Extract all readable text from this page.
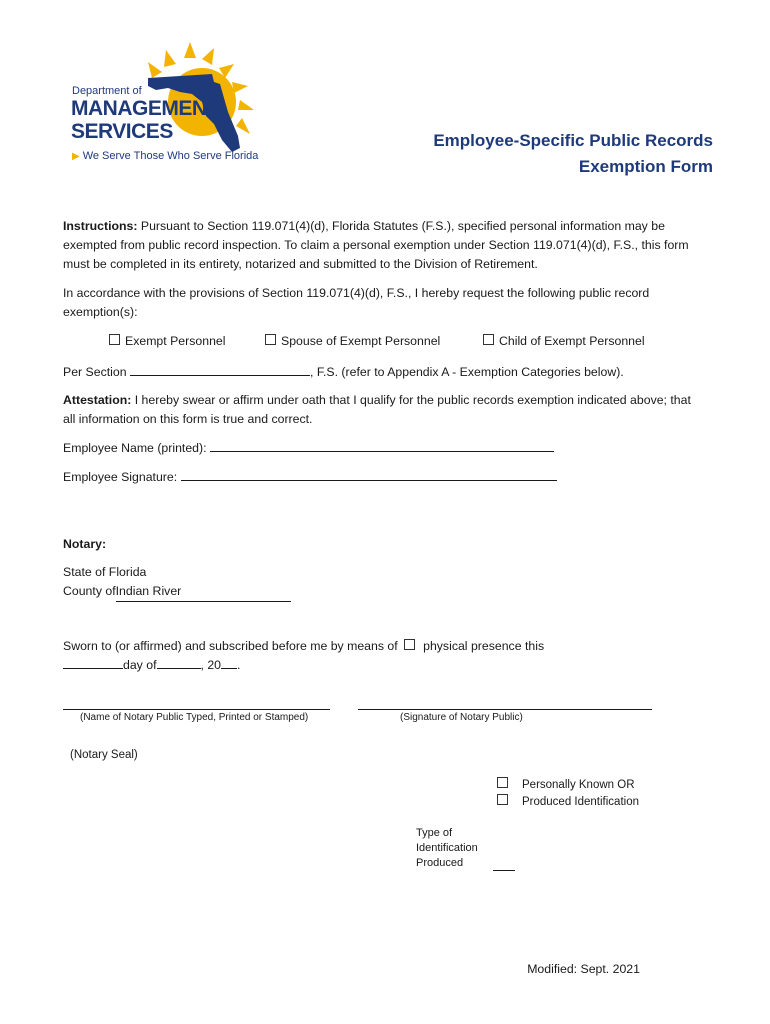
Department of
MANAGEMENT
SERVICES
▶ We Serve Those Who Serve Florida
Employee-Specific Public Records
Exemption Form
Instructions: Pursuant to Section 119.071(4)(d), Florida Statutes (F.S.), specified personal information may be exempted from public record inspection. To claim a personal exemption under Section 119.071(4)(d), F.S., this form must be completed in its entirety, notarized and submitted to the Division of Retirement.
In accordance with the provisions of Section 119.071(4)(d), F.S., I hereby request the following public record exemption(s):
Exempt Personnel	Spouse of Exempt Personnel	Child of Exempt Personnel
Per Section	, F.S. (refer to Appendix A - Exemption Categories below).
Attestation: I hereby swear or affirm under oath that I qualify for the public records exemption indicated above; that all information on this form is true and correct.
Employee Name (printed):
Employee Signature:
Notary:
State of Florida
County ofIndian River
Sworn to (or affirmed) and subscribed before me by means of physical presence this
day of	, 20 .
(Name of Notary Public Typed, Printed or Stamped)	(Signature of Notary Public)
(Notary Seal)
Personally Known OR
Produced Identification
Type of
Identification
Produced
Modified: Sept. 2021
